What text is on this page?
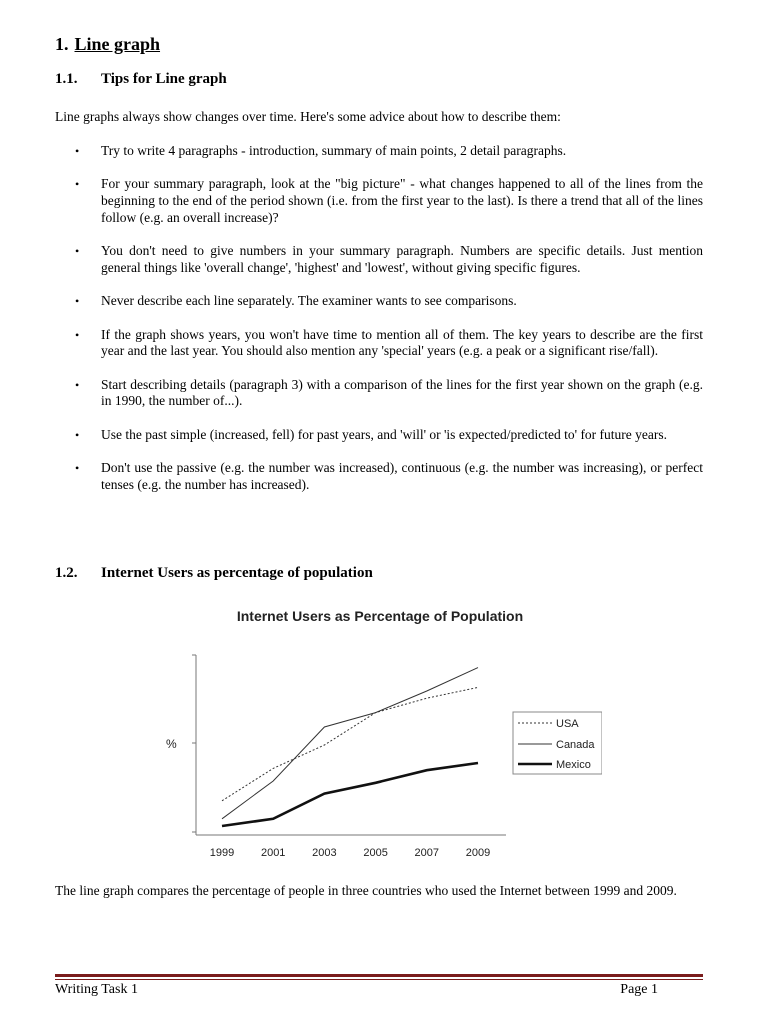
1. Line graph
1.1. Tips for Line graph
Line graphs always show changes over time. Here's some advice about how to describe them:
• Try to write 4 paragraphs - introduction, summary of main points, 2 detail paragraphs.
• For your summary paragraph, look at the "big picture" - what changes happened to all of the lines from the beginning to the end of the period shown (i.e. from the first year to the last). Is there a trend that all of the lines follow (e.g. an overall increase)?
• You don't need to give numbers in your summary paragraph. Numbers are specific details. Just mention general things like 'overall change', 'highest' and 'lowest', without giving specific figures.
• Never describe each line separately. The examiner wants to see comparisons.
• If the graph shows years, you won't have time to mention all of them. The key years to describe are the first year and the last year. You should also mention any 'special' years (e.g. a peak or a significant rise/fall).
• Start describing details (paragraph 3) with a comparison of the lines for the first year shown on the graph (e.g. in 1990, the number of...).
• Use the past simple (increased, fell) for past years, and 'will' or 'is expected/predicted to' for future years.
• Don't use the passive (e.g. the number was increased), continuous (e.g. the number was increasing), or perfect tenses (e.g. the number has increased).
1.2. Internet Users as percentage of population
Internet Users as Percentage of Population
%
1999 2001 2003 2005 2007 2009
USA
Canada
Mexico
The line graph compares the percentage of people in three countries who used the Internet between 1999 and 2009.
Writing Task 1	Page 1
